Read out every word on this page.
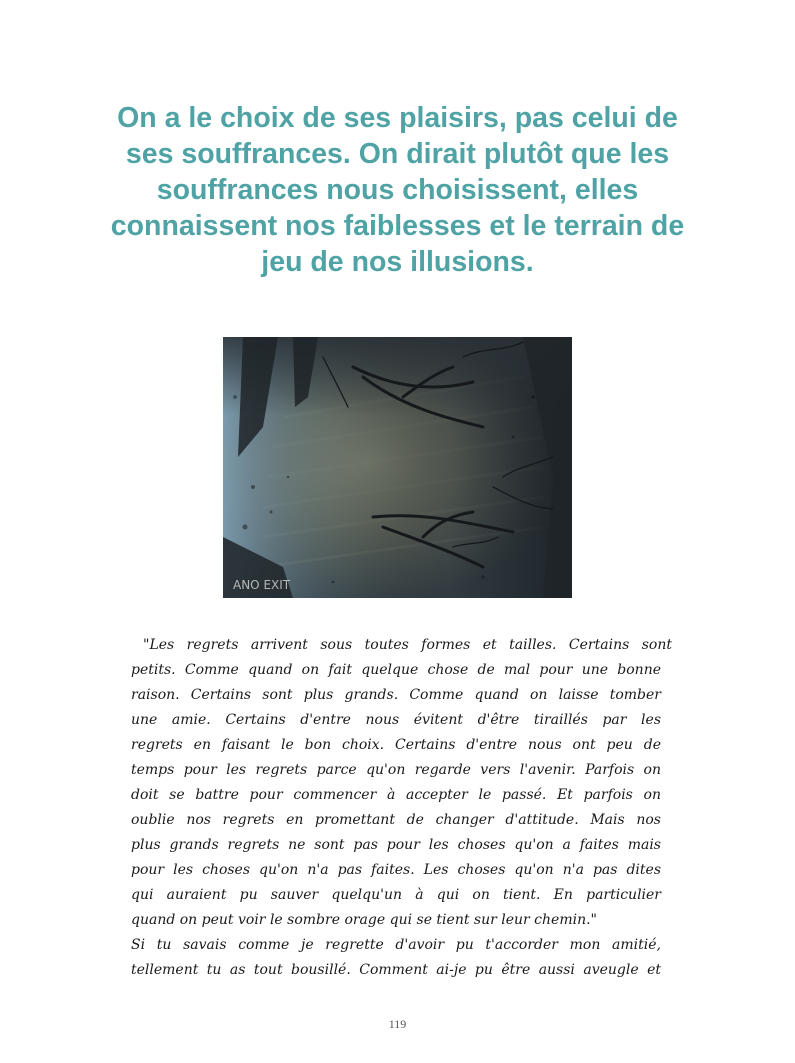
On a le choix de ses plaisirs, pas celui de ses souffrances. On dirait plutôt que les souffrances nous choisissent, elles connaissent nos faiblesses et le terrain de jeu de nos illusions.
ANO EXIT
"Les regrets arrivent sous toutes formes et tailles. Certains sont
petits. Comme quand on fait quelque chose de mal pour une bonne
raison. Certains sont plus grands. Comme quand on laisse tomber
une amie. Certains d'entre nous évitent d'être tiraillés par les
regrets en faisant le bon choix. Certains d'entre nous ont peu de
temps pour les regrets parce qu'on regarde vers l'avenir. Parfois on
doit se battre pour commencer à accepter le passé. Et parfois on
oublie nos regrets en promettant de changer d'attitude. Mais nos
plus grands regrets ne sont pas pour les choses qu'on a faites mais
pour les choses qu'on n'a pas faites. Les choses qu'on n'a pas dites
qui auraient pu sauver quelqu'un à qui on tient. En particulier
quand on peut voir le sombre orage qui se tient sur leur chemin."
Si tu savais comme je regrette d'avoir pu t'accorder mon amitié,
tellement tu as tout bousillé. Comment ai-je pu être aussi aveugle et
119
